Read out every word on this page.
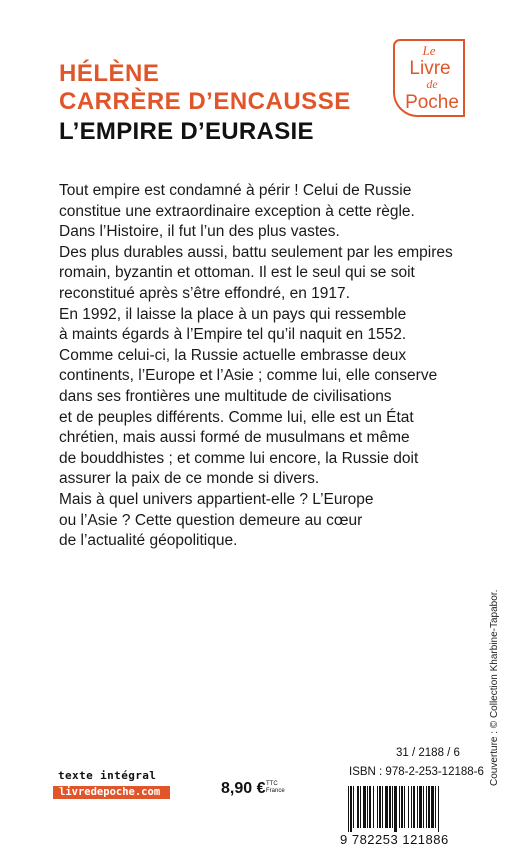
HÉLÈNE
CARRÈRE D’ENCAUSSE
L’EMPIRE D’EURASIE
Le
Livre
de
Poche

Tout empire est condamné à périr ! Celui de Russie

constitue une extraordinaire exception à cette règle.

Dans l’Histoire, il fut l’un des plus vastes.

Des plus durables aussi, battu seulement par les empires

romain, byzantin et ottoman. Il est le seul qui se soit

reconstitué après s’être effondré, en 1917.

En 1992, il laisse la place à un pays qui ressemble

à maints égards à l’Empire tel qu’il naquit en 1552.

Comme celui-ci, la Russie actuelle embrasse deux

continents, l’Europe et l’Asie ; comme lui, elle conserve

dans ses frontières une multitude de civilisations

et de peuples différents. Comme lui, elle est un État

chrétien, mais aussi formé de musulmans et même

de bouddhistes ; et comme lui encore, la Russie doit

assurer la paix de ce monde si divers.

Mais à quel univers appartient-elle ? L’Europe

ou l’Asie ? Cette question demeure au cœur

de l’actualité géopolitique.

Couverture : © Collection Kharbine-Tapabor.
texte intégral
livredepoche.com	8,90 € TTC
France
31 / 2188 / 6
ISBN : 978-2-253-12188-6
9 782253 121886
